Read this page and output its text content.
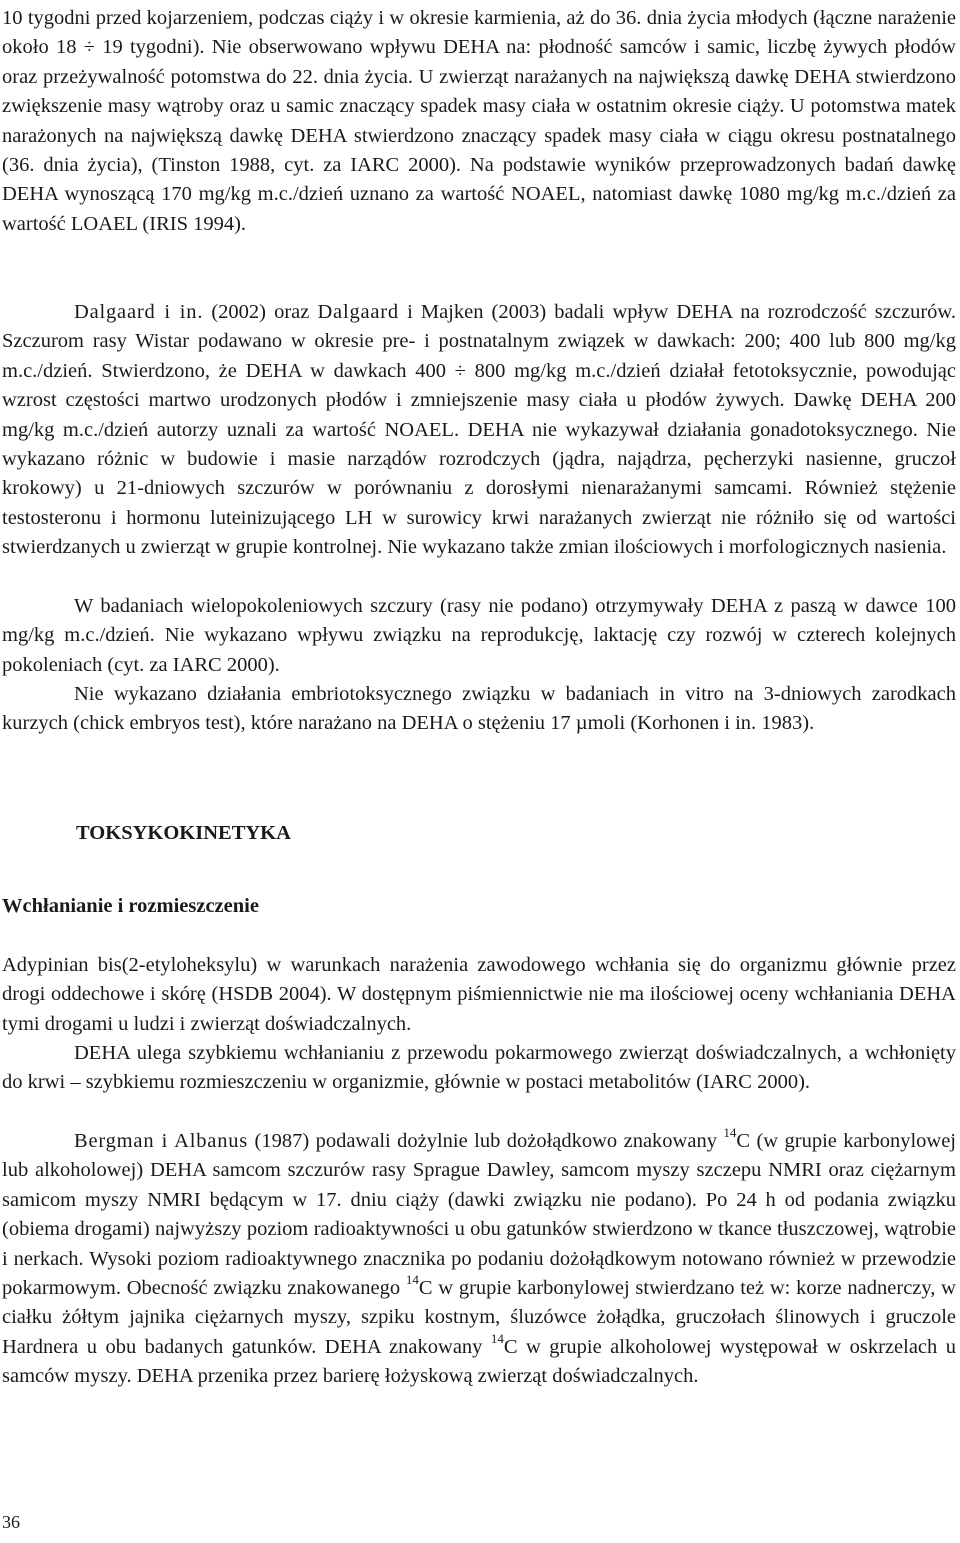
10 tygodni przed kojarzeniem, podczas ciąży i w okresie karmienia, aż do 36. dnia życia młodych (łączne narażenie około 18 ÷ 19 tygodni). Nie obserwowano wpływu DEHA na: płodność samców i samic, liczbę żywych płodów oraz przeżywalność potomstwa do 22. dnia życia. U zwierząt narażanych na największą dawkę DEHA stwierdzono zwiększenie masy wątroby oraz u samic znaczący spadek masy ciała w ostatnim okresie ciąży. U potomstwa matek narażonych na największą dawkę DEHA stwierdzono znaczący spadek masy ciała w ciągu okresu postnatalnego (36. dnia życia), (Tinston 1988, cyt. za IARC 2000). Na podstawie wyników przeprowadzonych badań dawkę DEHA wynoszącą 170 mg/kg m.c./dzień uznano za wartość NOAEL, natomiast dawkę 1080 mg/kg m.c./dzień za wartość LOAEL (IRIS 1994).

Dalgaard i in. (2002) oraz Dalgaard i Majken (2003) badali wpływ DEHA na rozrodczość szczurów. Szczurom rasy Wistar podawano w okresie pre- i postnatalnym związek w dawkach: 200; 400 lub 800 mg/kg m.c./dzień. Stwierdzono, że DEHA w dawkach 400 ÷ 800 mg/kg m.c./dzień działał fetotoksycznie, powodując wzrost częstości martwo urodzonych płodów i zmniejszenie masy ciała u płodów żywych. Dawkę DEHA 200 mg/kg m.c./dzień autorzy uznali za wartość NOAEL. DEHA nie wykazywał działania gonadotoksycznego. Nie wykazano różnic w budowie i masie narządów rozrodczych (jądra, najądrza, pęcherzyki nasienne, gruczoł krokowy) u 21-dniowych szczurów w porównaniu z dorosłymi nienarażanymi samcami. Również stężenie testosteronu i hormonu luteinizującego LH w surowicy krwi narażanych zwierząt nie różniło się od wartości stwierdzanych u zwierząt w grupie kontrolnej. Nie wykazano także zmian ilościowych i morfologicznych nasienia.

W badaniach wielopokoleniowych szczury (rasy nie podano) otrzymywały DEHA z paszą w dawce 100 mg/kg m.c./dzień. Nie wykazano wpływu związku na reprodukcję, laktację czy rozwój w czterech kolejnych pokoleniach (cyt. za IARC 2000).

Nie wykazano działania embriotoksycznego związku w badaniach in vitro na 3-dniowych zarodkach kurzych (chick embryos test), które narażano na DEHA o stężeniu 17 µmoli (Korhonen i in. 1983).

TOKSYKOKINETYKA
Wchłanianie i rozmieszczenie

Adypinian bis(2-etyloheksylu) w warunkach narażenia zawodowego wchłania się do organizmu głównie przez drogi oddechowe i skórę (HSDB 2004). W dostępnym piśmiennictwie nie ma ilościowej oceny wchłaniania DEHA tymi drogami u ludzi i zwierząt doświadczalnych.

DEHA ulega szybkiemu wchłanianiu z przewodu pokarmowego zwierząt doświadczalnych, a wchłonięty do krwi – szybkiemu rozmieszczeniu w organizmie, głównie w postaci metabolitów (IARC 2000).

Bergman i Albanus (1987) podawali dożylnie lub dożołądkowo znakowany $^{14}$C (w grupie karbonylowej lub alkoholowej) DEHA samcom szczurów rasy Sprague Dawley, samcom myszy szczepu NMRI oraz ciężarnym samicom myszy NMRI będącym w 17. dniu ciąży (dawki związku nie podano). Po 24 h od podania związku (obiema drogami) najwyższy poziom radioaktywności u obu gatunków stwierdzono w tkance tłuszczowej, wątrobie i nerkach. Wysoki poziom radioaktywnego znacznika po podaniu dożołądkowym notowano również w przewodzie pokarmowym. Obecność związku znakowanego $^{14}$C w grupie karbonylowej stwierdzano też w: korze nadnerczy, w ciałku żółtym jajnika ciężarnych myszy, szpiku kostnym, śluzówce żołądka, gruczołach ślinowych i gruczole Hardnera u obu badanych gatunków. DEHA znakowany $^{14}$C w grupie alkoholowej występował w oskrzelach u samców myszy. DEHA przenika przez barierę łożyskową zwierząt doświadczalnych.

36
